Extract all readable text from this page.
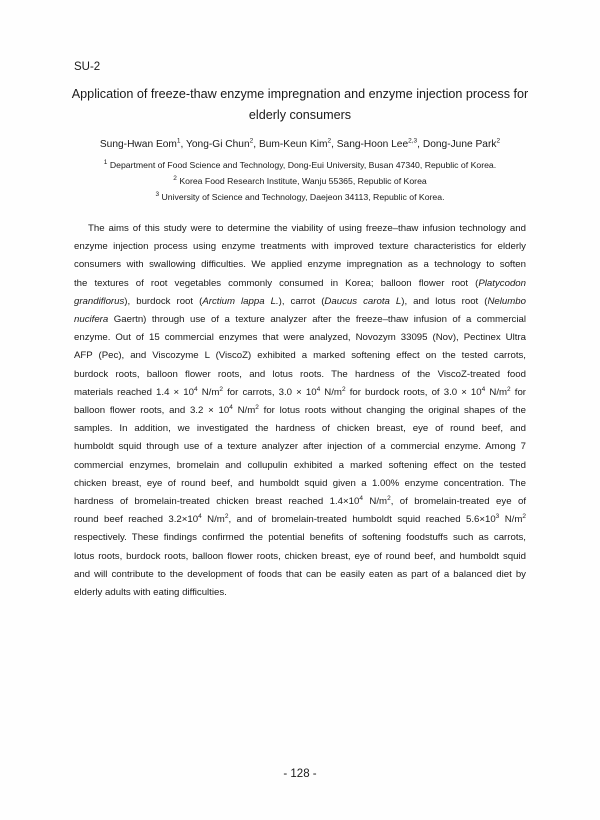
SU-2
Application of freeze-thaw enzyme impregnation and enzyme injection process for
elderly consumers
Sung-Hwan Eom$^1$, Yong-Gi Chun$^2$, Bum-Keun Kim$^2$, Sang-Hoon Lee$^{2,3}$, Dong-June Park$^2$
$^1$ Department of Food Science and Technology, Dong-Eui University, Busan 47340, Republic of Korea.
$^2$ Korea Food Research Institute, Wanju 55365, Republic of Korea
$^3$ University of Science and Technology, Daejeon 34113, Republic of Korea.
The aims of this study were to determine the viability of using freeze–thaw infusion technology and
enzyme injection process using enzyme treatments with improved texture characteristics for elderly
consumers with swallowing difficulties. We applied enzyme impregnation as a technology to soften
the textures of root vegetables commonly consumed in Korea; balloon flower root (Platycodon
grandiflorus), burdock root (Arctium lappa L.), carrot (Daucus carota L), and lotus root (Nelumbo
nucifera Gaertn) through use of a texture analyzer after the freeze–thaw infusion of a commercial
enzyme. Out of 15 commercial enzymes that were analyzed, Novozym 33095 (Nov), Pectinex Ultra
AFP (Pec), and Viscozyme L (ViscoZ) exhibited a marked softening effect on the tested carrots,
burdock roots, balloon flower roots, and lotus roots. The hardness of the ViscoZ-treated food
materials reached $1.4 \times 10^4$ $N/m^2$ for carrots, $3.0 \times 10^4$ $N/m^2$ for burdock roots, of $3.0 \times 10^4$ $N/m^2$ for
balloon flower roots, and $3.2 \times 10^4$ $N/m^2$ for lotus roots without changing the original shapes of the
samples. In addition, we investigated the hardness of chicken breast, eye of round beef, and
humboldt squid through use of a texture analyzer after injection of a commercial enzyme. Among 7
commercial enzymes, bromelain and collupulin exhibited a marked softening effect on the tested
chicken breast, eye of round beef, and humboldt squid given a 1.00% enzyme concentration. The
hardness of bromelain-treated chicken breast reached $1.4\times 10^4$ $N/m^2$, of bromelain-treated eye of
round beef reached $3.2\times 10^4$ $N/m^2$, and of bromelain-treated humboldt squid reached $5.6\times 10^3$ $N/m^2$
respectively. These findings confirmed the potential benefits of softening foodstuffs such as carrots,
lotus roots, burdock roots, balloon flower roots, chicken breast, eye of round beef, and humboldt squid
and will contribute to the development of foods that can be easily eaten as part of a balanced diet by
elderly adults with eating difficulties.
- 128 -
